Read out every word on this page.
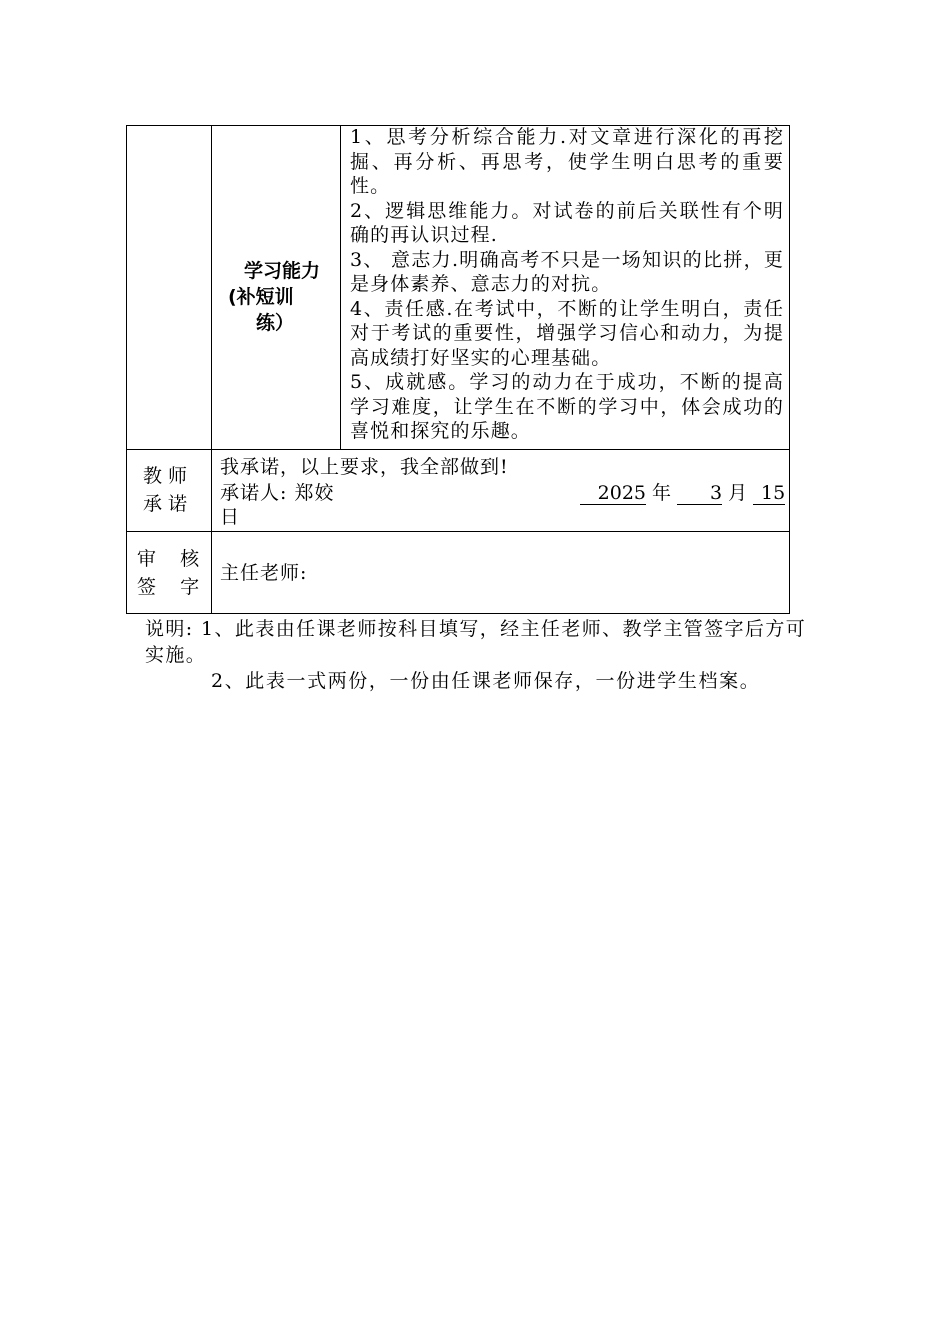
学习能力
(补短训
练）

1、思考分析综合能力.对文章进行深化的再挖掘、再分析、再思考，使学生明白思考的重要性。

2、逻辑思维能力。对试卷的前后关联性有个明确的再认识过程.

3、 意志力.明确高考不只是一场知识的比拼，更是身体素养、意志力的对抗。

4、责任感.在考试中，不断的让学生明白，责任对于考试的重要性，增强学习信心和动力，为提高成绩打好坚实的心理基础。

5、成就感。学习的动力在于成功，不断的提高学习难度，让学生在不断的学习中，体会成功的喜悦和探究的乐趣。

教 师
承 诺
我承诺，以上要求，我全部做到!
承诺人: 郑姣	2025 年 3 月 15
日
审    核
签    字
主任老师:

说明: 1、此表由任课老师按科目填写，经主任老师、教学主管签字后方可实施。

2、此表一式两份，一份由任课老师保存，一份进学生档案。
